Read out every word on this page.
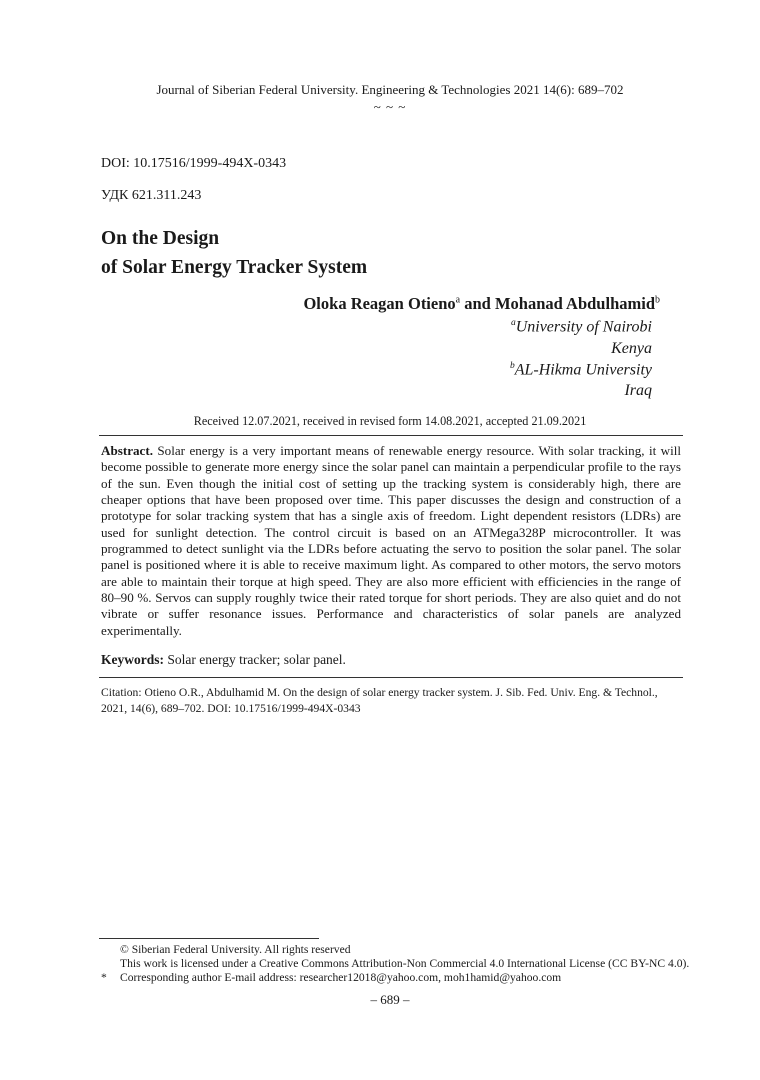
Journal of Siberian Federal University. Engineering & Technologies 2021 14(6): 689–702
~ ~ ~
DOI: 10.17516/1999-494X-0343
УДК 621.311.243
On the Design
of Solar Energy Tracker System
Oloka Reagan Otieno$^a$ and Mohanad Abdulhamid$^b$
$^a$University of Nairobi
Kenya
$^b$AL-Hikma University
Iraq
Received 12.07.2021, received in revised form 14.08.2021, accepted 21.09.2021
Abstract. Solar energy is a very important means of renewable energy resource. With solar tracking, it will become possible to generate more energy since the solar panel can maintain a perpendicular profile to the rays of the sun. Even though the initial cost of setting up the tracking system is considerably high, there are cheaper options that have been proposed over time. This paper discusses the design and construction of a prototype for solar tracking system that has a single axis of freedom. Light dependent resistors (LDRs) are used for sunlight detection. The control circuit is based on an ATMega328P microcontroller. It was programmed to detect sunlight via the LDRs before actuating the servo to position the solar panel. The solar panel is positioned where it is able to receive maximum light. As compared to other motors, the servo motors are able to maintain their torque at high speed. They are also more efficient with efficiencies in the range of 80–90 %. Servos can supply roughly twice their rated torque for short periods. They are also quiet and do not vibrate or suffer resonance issues. Performance and characteristics of solar panels are analyzed experimentally.
Keywords: Solar energy tracker; solar panel.
Citation: Otieno O.R., Abdulhamid M. On the design of solar energy tracker system. J. Sib. Fed. Univ. Eng. & Technol., 2021, 14(6), 689–702. DOI: 10.17516/1999-494X-0343
© Siberian Federal University. All rights reserved
This work is licensed under a Creative Commons Attribution-Non Commercial 4.0 International License (CC BY-NC 4.0).
*	Corresponding author E-mail address: researcher12018@yahoo.com, moh1hamid@yahoo.com
– 689 –
